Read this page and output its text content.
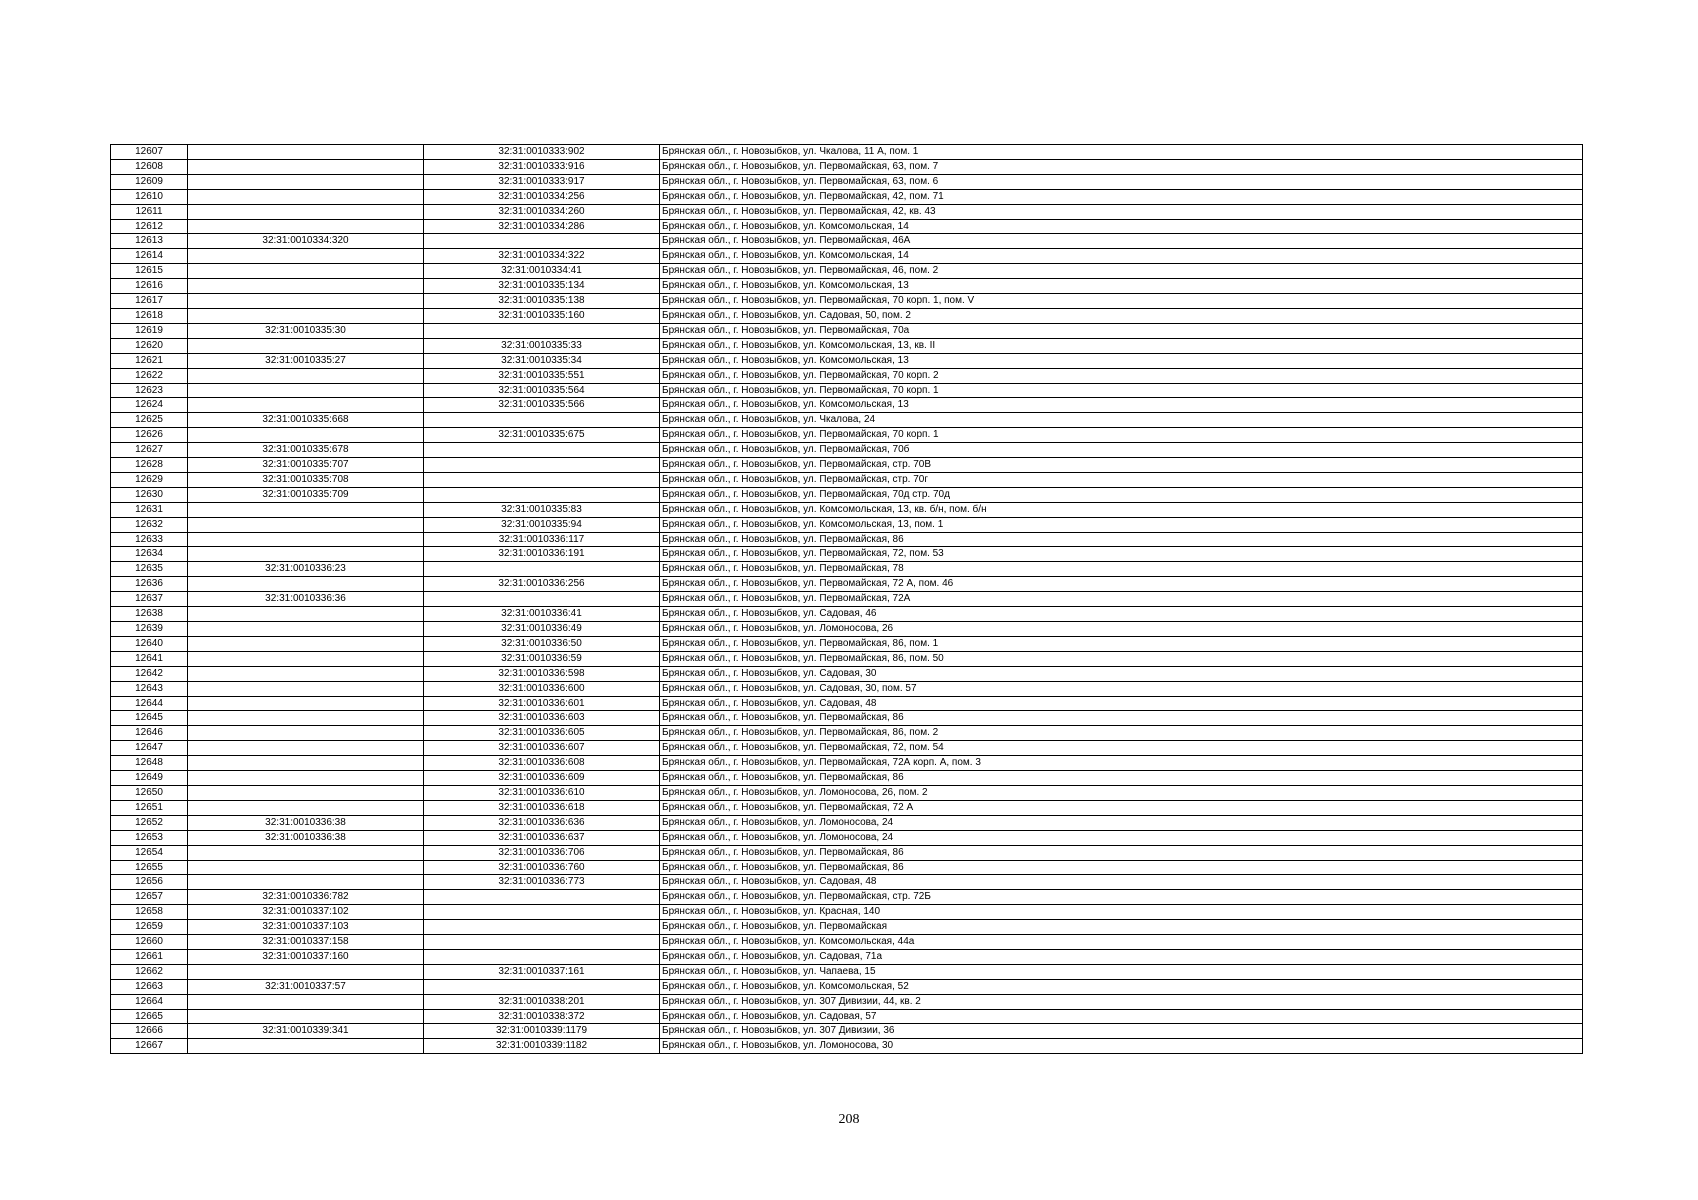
12607		32:31:0010333:902	Брянская обл., г. Новозыбков, ул. Чкалова, 11 А, пом. 1
12608		32:31:0010333:916	Брянская обл., г. Новозыбков, ул. Первомайская, 63, пом. 7
12609		32:31:0010333:917	Брянская обл., г. Новозыбков, ул. Первомайская, 63, пом. 6
12610		32:31:0010334:256	Брянская обл., г. Новозыбков, ул. Первомайская, 42, пом. 71
12611		32:31:0010334:260	Брянская обл., г. Новозыбков, ул. Первомайская, 42, кв. 43
12612		32:31:0010334:286	Брянская обл., г. Новозыбков, ул. Комсомольская, 14
12613	32:31:0010334:320		Брянская обл., г. Новозыбков, ул. Первомайская, 46А
12614		32:31:0010334:322	Брянская обл., г. Новозыбков, ул. Комсомольская, 14
12615		32:31:0010334:41	Брянская обл., г. Новозыбков, ул. Первомайская, 46, пом. 2
12616		32:31:0010335:134	Брянская обл., г. Новозыбков, ул. Комсомольская, 13
12617		32:31:0010335:138	Брянская обл., г. Новозыбков, ул. Первомайская, 70 корп. 1, пом. V
12618		32:31:0010335:160	Брянская обл., г. Новозыбков, ул. Садовая, 50, пом. 2
12619	32:31:0010335:30		Брянская обл., г. Новозыбков, ул. Первомайская, 70а
12620		32:31:0010335:33	Брянская обл., г. Новозыбков, ул. Комсомольская, 13, кв. II
12621	32:31:0010335:27	32:31:0010335:34	Брянская обл., г. Новозыбков, ул. Комсомольская, 13
12622		32:31:0010335:551	Брянская обл., г. Новозыбков, ул. Первомайская, 70 корп. 2
12623		32:31:0010335:564	Брянская обл., г. Новозыбков, ул. Первомайская, 70 корп. 1
12624		32:31:0010335:566	Брянская обл., г. Новозыбков, ул. Комсомольская, 13
12625	32:31:0010335:668		Брянская обл., г. Новозыбков, ул. Чкалова, 24
12626		32:31:0010335:675	Брянская обл., г. Новозыбков, ул. Первомайская, 70 корп. 1
12627	32:31:0010335:678		Брянская обл., г. Новозыбков, ул. Первомайская, 70б
12628	32:31:0010335:707		Брянская обл., г. Новозыбков, ул. Первомайская, стр. 70В
12629	32:31:0010335:708		Брянская обл., г. Новозыбков, ул. Первомайская, стр. 70г
12630	32:31:0010335:709		Брянская обл., г. Новозыбков, ул. Первомайская, 70д стр. 70д
12631		32:31:0010335:83	Брянская обл., г. Новозыбков, ул. Комсомольская, 13, кв. б/н, пом. б/н
12632		32:31:0010335:94	Брянская обл., г. Новозыбков, ул. Комсомольская, 13, пом. 1
12633		32:31:0010336:117	Брянская обл., г. Новозыбков, ул. Первомайская, 86
12634		32:31:0010336:191	Брянская обл., г. Новозыбков, ул. Первомайская, 72, пом. 53
12635	32:31:0010336:23		Брянская обл., г. Новозыбков, ул. Первомайская, 78
12636		32:31:0010336:256	Брянская обл., г. Новозыбков, ул. Первомайская, 72 А, пом. 46
12637	32:31:0010336:36		Брянская обл., г. Новозыбков, ул. Первомайская, 72А
12638		32:31:0010336:41	Брянская обл., г. Новозыбков, ул. Садовая, 46
12639		32:31:0010336:49	Брянская обл., г. Новозыбков, ул. Ломоносова, 26
12640		32:31:0010336:50	Брянская обл., г. Новозыбков, ул. Первомайская, 86, пом. 1
12641		32:31:0010336:59	Брянская обл., г. Новозыбков, ул. Первомайская, 86, пом. 50
12642		32:31:0010336:598	Брянская обл., г. Новозыбков, ул. Садовая, 30
12643		32:31:0010336:600	Брянская обл., г. Новозыбков, ул. Садовая, 30, пом. 57
12644		32:31:0010336:601	Брянская обл., г. Новозыбков, ул. Садовая, 48
12645		32:31:0010336:603	Брянская обл., г. Новозыбков, ул. Первомайская, 86
12646		32:31:0010336:605	Брянская обл., г. Новозыбков, ул. Первомайская, 86, пом. 2
12647		32:31:0010336:607	Брянская обл., г. Новозыбков, ул. Первомайская, 72, пом. 54
12648		32:31:0010336:608	Брянская обл., г. Новозыбков, ул. Первомайская, 72А корп. А, пом. 3
12649		32:31:0010336:609	Брянская обл., г. Новозыбков, ул. Первомайская, 86
12650		32:31:0010336:610	Брянская обл., г. Новозыбков, ул. Ломоносова, 26, пом. 2
12651		32:31:0010336:618	Брянская обл., г. Новозыбков, ул. Первомайская, 72 А
12652	32:31:0010336:38	32:31:0010336:636	Брянская обл., г. Новозыбков, ул. Ломоносова, 24
12653	32:31:0010336:38	32:31:0010336:637	Брянская обл., г. Новозыбков, ул. Ломоносова, 24
12654		32:31:0010336:706	Брянская обл., г. Новозыбков, ул. Первомайская, 86
12655		32:31:0010336:760	Брянская обл., г. Новозыбков, ул. Первомайская, 86
12656		32:31:0010336:773	Брянская обл., г. Новозыбков, ул. Садовая, 48
12657	32:31:0010336:782		Брянская обл., г. Новозыбков, ул. Первомайская, стр. 72Б
12658	32:31:0010337:102		Брянская обл., г. Новозыбков, ул. Красная, 140
12659	32:31:0010337:103		Брянская обл., г. Новозыбков, ул. Первомайская
12660	32:31:0010337:158		Брянская обл., г. Новозыбков, ул. Комсомольская, 44а
12661	32:31:0010337:160		Брянская обл., г. Новозыбков, ул. Садовая, 71а
12662		32:31:0010337:161	Брянская обл., г. Новозыбков, ул. Чапаева, 15
12663	32:31:0010337:57		Брянская обл., г. Новозыбков, ул. Комсомольская, 52
12664		32:31:0010338:201	Брянская обл., г. Новозыбков, ул. 307 Дивизии, 44, кв. 2
12665		32:31:0010338:372	Брянская обл., г. Новозыбков, ул. Садовая, 57
12666	32:31:0010339:341	32:31:0010339:1179	Брянская обл., г. Новозыбков, ул. 307 Дивизии, 36
12667		32:31:0010339:1182	Брянская обл., г. Новозыбков, ул. Ломоносова, 30
208
